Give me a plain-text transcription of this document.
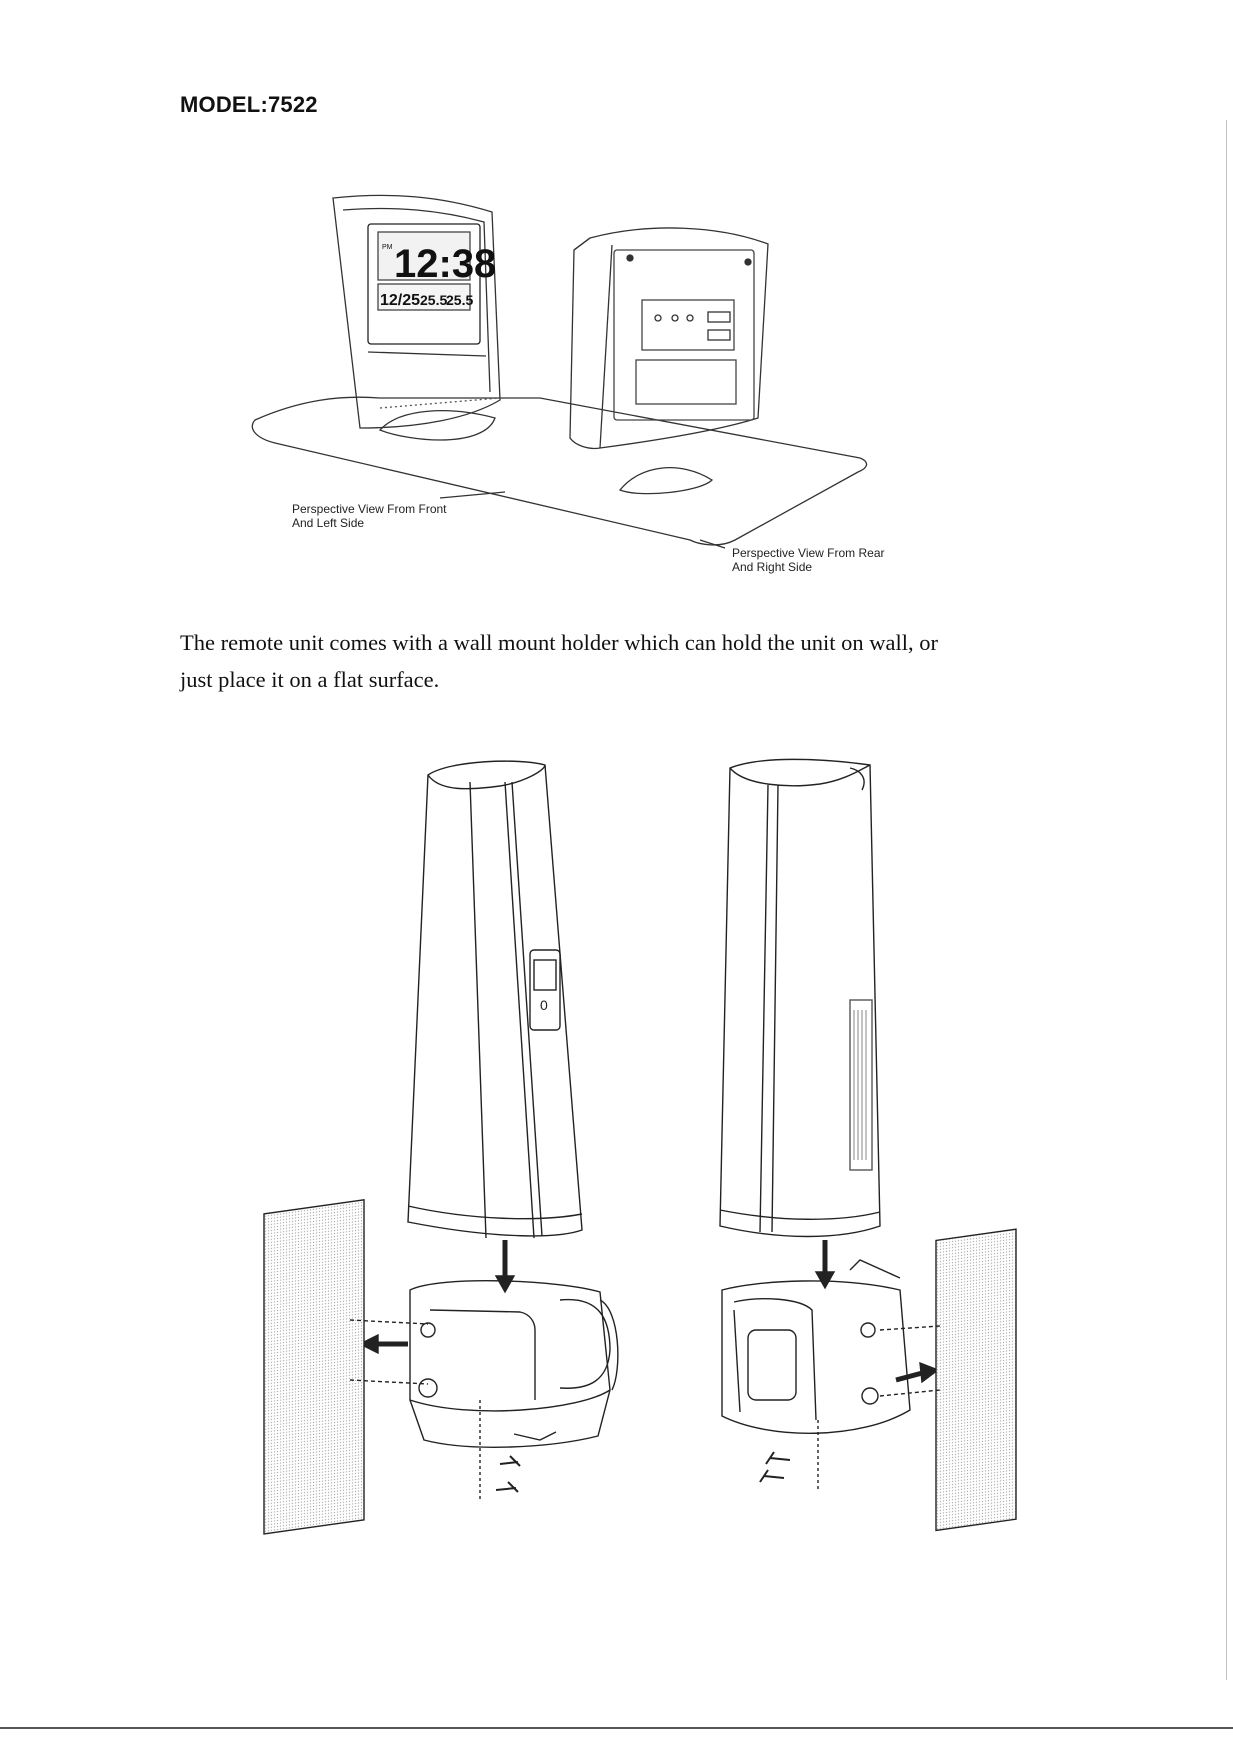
MODEL:7522
PM 12:38
12/25 25.5
25.5
Perspective View From Front
And Left Side
Perspective View From Rear
And Right Side
The remote unit comes with a wall mount holder which can hold the unit on wall, or
just place it on a flat surface.
0
